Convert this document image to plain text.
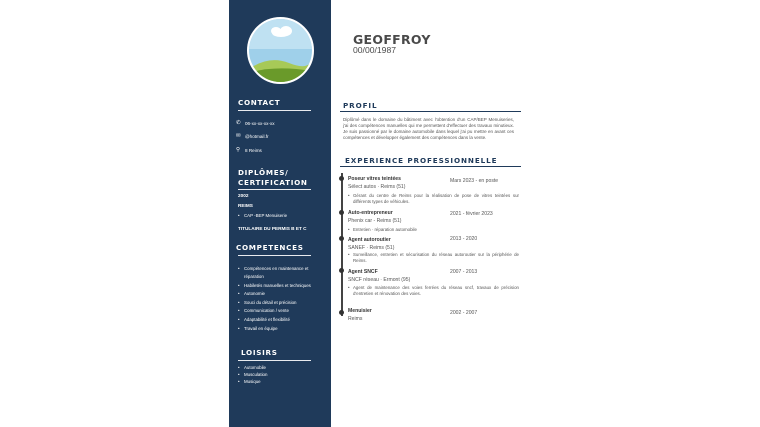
CONTACT
✆ 06-xx-xx-xx-xx
✉ @hotmail.fr
⚲	8 Reims
DIPLÔMES/
CERTIFICATION
2002
REIMS
• CAP -BEP Menuiserie
TITULAIRE DU PERMIS B ET C
COMPETENCES
• Compétences en maintenance et réparation
• Habiletés manuelles et techniques
• Autonomie
• Souci du détail et précision
• Communication / vente
• Adaptabilité et flexibilité
• Travail en équipe
LOISIRS
• Automobile
• Musculation
• Musique
GEOFFROY
00/00/1987
PROFIL
Diplômé dans le domaine du bâtiment avec l'obtention d'un CAP/BEP Menuiseries, j'ai des compétences manuelles qui me permettent d'effectuer des travaux minutieux. Je suis passionné par le domaine automobile dans lequel j'ai pu mettre en avant ces compétences et développer également des compétences dans la vente.
EXPERIENCE PROFESSIONNELLE
Poseur vitres teintées	Mars 2023 - en poste
Sélect autos · Reims (51)
• Gérant du centre de Reims pour la réalisation de pose de vitres teintées sur différents types de véhicules.
Auto-entrepreneur	2021 - février 2023
Phenix car - Reims (51)
• Entretien · réparation automobile
Agent autoroutier	2013 - 2020
SANEF · Reims (51)
• Surveillance, entretien et sécurisation du réseau autoroutier sur la périphérie de Reims.
Agent SNCF	2007 - 2013
SNCF réseau · Ermont (95)
• Agent de maintenance des voies ferrées du réseau sncf, travaux de précision d'entretien et rénovation des voies.
Menuisier	2002 - 2007
Reims
